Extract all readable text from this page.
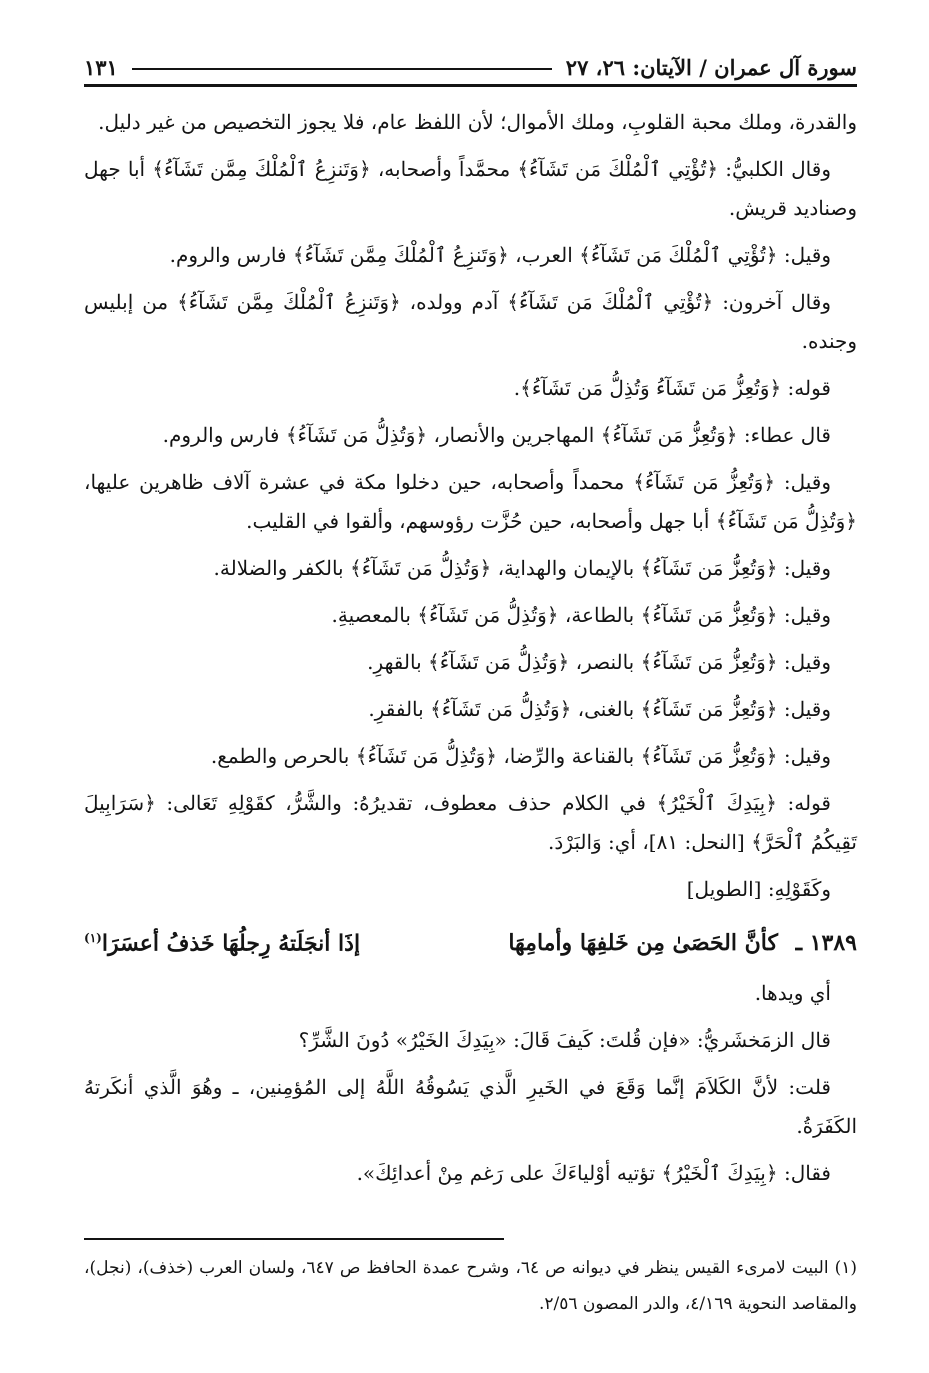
سورة آل عمران / الآيتان: ٢٦، ٢٧
١٣١

والقدرة، وملك محبة القلوبِ، وملك الأموال؛ لأن اللفظ عام، فلا يجوز التخصيص من غير دليل.

وقال الكلبيُّ: ﴿تُؤْتِي ٱلْمُلْكَ مَن تَشَآءُ﴾ محمَّداً وأصحابه، ﴿وَتَنزِعُ ٱلْمُلْكَ مِمَّن تَشَآءُ﴾ أبا جهل وصناديد قريش.

وقيل: ﴿تُؤْتِي ٱلْمُلْكَ مَن تَشَآءُ﴾ العرب، ﴿وَتَنزِعُ ٱلْمُلْكَ مِمَّن تَشَآءُ﴾ فارس والروم.

وقال آخرون: ﴿تُؤْتِي ٱلْمُلْكَ مَن تَشَآءُ﴾ آدم وولده، ﴿وَتَنزِعُ ٱلْمُلْكَ مِمَّن تَشَآءُ﴾ من إبليس وجنده.

قوله: ﴿وَتُعِزُّ مَن تَشَآءُ وَتُذِلُّ مَن تَشَآءُ﴾.

قال عطاء: ﴿وَتُعِزُّ مَن تَشَآءُ﴾ المهاجرين والأنصار، ﴿وَتُذِلُّ مَن تَشَآءُ﴾ فارس والروم.

وقيل: ﴿وَتُعِزُّ مَن تَشَآءُ﴾ محمداً وأصحابه، حين دخلوا مكة في عشرة آلاف ظاهرين عليها، ﴿وَتُذِلُّ مَن تَشَآءُ﴾ أبا جهل وأصحابه، حين حُزَّت رؤوسهم، وألقوا في القليب.

وقيل: ﴿وَتُعِزُّ مَن تَشَآءُ﴾ بالإيمان والهداية، ﴿وَتُذِلُّ مَن تَشَآءُ﴾ بالكفر والضلالة.

وقيل: ﴿وَتُعِزُّ مَن تَشَآءُ﴾ بالطاعة، ﴿وَتُذِلُّ مَن تَشَآءُ﴾ بالمعصيةِ.

وقيل: ﴿وَتُعِزُّ مَن تَشَآءُ﴾ بالنصر، ﴿وَتُذِلُّ مَن تَشَآءُ﴾ بالقهرِ.

وقيل: ﴿وَتُعِزُّ مَن تَشَآءُ﴾ بالغنى، ﴿وَتُذِلُّ مَن تَشَآءُ﴾ بالفقرِ.

وقيل: ﴿وَتُعِزُّ مَن تَشَآءُ﴾ بالقناعة والرِّضا، ﴿وَتُذِلُّ مَن تَشَآءُ﴾ بالحرص والطمع.

قوله: ﴿بِيَدِكَ ٱلْخَيْرُ﴾ في الكلام حذف معطوف، تقديرُهُ: والشَّرُّ، كقَوْلِهِ تَعَالى: ﴿سَرَابِيلَ تَقِيكُمُ ٱلْحَرَّ﴾ [النحل: ٨١]، أي: وَالبَرْدَ.

وكَقَوْلِهِ: [الطويل]

١٣٨٩ ـ كأنَّ الحَصَىٰ مِن خَلفِهَا وأمامِهَا
إذَا أنجَلَتهُ رِجلُهَا خَذفُ أعسَرَا$^{(١)}$

أي ويدها.

قال الزمَخشَريُّ: «فإن قُلتَ: كَيفَ قَالَ: «بِيَدِكَ الخَيْرُ» دُونَ الشَّرِّ؟

قلت: لأنَّ الكَلاَمَ إنَّما وَقَعَ في الخَيرِ الَّذي يَسُوقُهُ اللَّهُ إلى المُؤمِنين، ـ وهُوَ الَّذي أنكَرتهُ الكَفَرَةُ.

فقال: ﴿بِيَدِكَ ٱلْخَيْرُ﴾ تؤتيه أوْلياءَكَ على رَغم مِنْ أعدائِكَ».

(١) البيت لامرىء القيس ينظر في ديوانه ص ٦٤، وشرح عمدة الحافظ ص ٦٤٧، ولسان العرب (خذف)، (نجل)، والمقاصد النحوية ٤/١٦٩، والدر المصون ٢/٥٦.
